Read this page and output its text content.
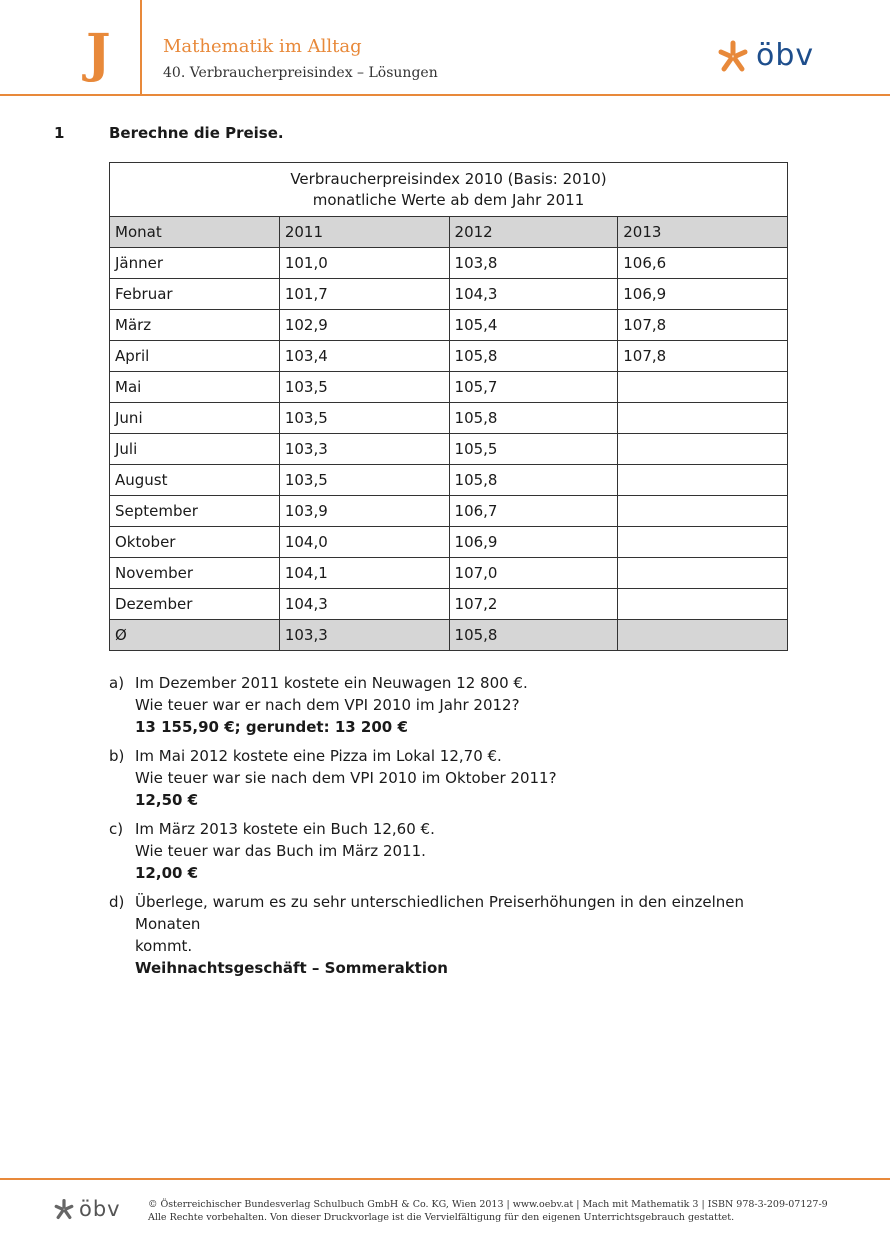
J	Mathematik im Alltag
40. Verbraucherpreisindex – Lösungen	öbv
1	Berechne die Preise.
Verbraucherpreisindex 2010 (Basis: 2010)
monatliche Werte ab dem Jahr 2011			

Monat	2011	2012	2013
Jänner	101,0	103,8	106,6
Februar	101,7	104,3	106,9
März	102,9	105,4	107,8
April	103,4	105,8	107,8
Mai	103,5	105,7	
Juni	103,5	105,8	
Juli	103,3	105,5	
August	103,5	105,8	
September	103,9	106,7	
Oktober	104,0	106,9	
November	104,1	107,0	
Dezember	104,3	107,2	
Ø	103,3	105,8	
a) Im Dezember 2011 kostete ein Neuwagen 12 800 €.
Wie teuer war er nach dem VPI 2010 im Jahr 2012?
13 155,90 €; gerundet: 13 200 €
b) Im Mai 2012 kostete eine Pizza im Lokal 12,70 €.
Wie teuer war sie nach dem VPI 2010 im Oktober 2011?
12,50 €
c) Im März 2013 kostete ein Buch 12,60 €.
Wie teuer war das Buch im März 2011.
12,00 €
d) Überlege, warum es zu sehr unterschiedlichen Preiserhöhungen in den einzelnen Monaten
kommt.
Weihnachtsgeschäft – Sommeraktion
öbv	© Österreichischer Bundesverlag Schulbuch GmbH & Co. KG, Wien 2013 | www.oebv.at | Mach mit Mathematik 3 | ISBN 978-3-209-07127-9
Alle Rechte vorbehalten. Von dieser Druckvorlage ist die Vervielfältigung für den eigenen Unterrichtsgebrauch gestattet.
